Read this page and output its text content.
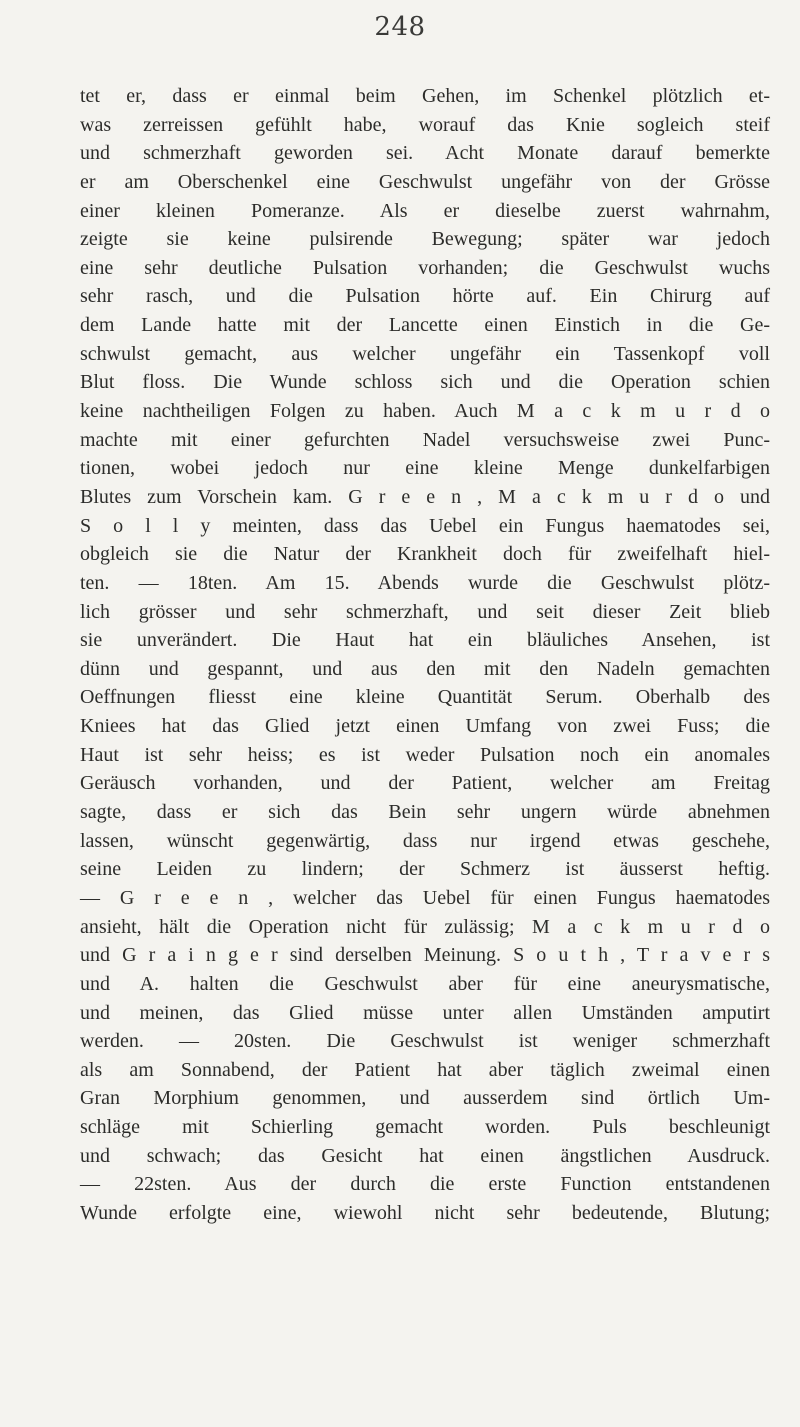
248
tet er, dass er einmal beim Gehen, im Schenkel plötzlich et-
was zerreissen gefühlt habe, worauf das Knie sogleich steif
und schmerzhaft geworden sei. Acht Monate darauf bemerkte
er am Oberschenkel eine Geschwulst ungefähr von der Grösse
einer kleinen Pomeranze. Als er dieselbe zuerst wahrnahm,
zeigte sie keine pulsirende Bewegung; später war jedoch
eine sehr deutliche Pulsation vorhanden; die Geschwulst wuchs
sehr rasch, und die Pulsation hörte auf. Ein Chirurg auf
dem Lande hatte mit der Lancette einen Einstich in die Ge-
schwulst gemacht, aus welcher ungefähr ein Tassenkopf voll
Blut floss. Die Wunde schloss sich und die Operation schien
keine nachtheiligen Folgen zu haben. Auch M a c k m u r d o
machte mit einer gefurchten Nadel versuchsweise zwei Punc-
tionen, wobei jedoch nur eine kleine Menge dunkelfarbigen
Blutes zum Vorschein kam. G r e e n , M a c k m u r d o und
S o l l y meinten, dass das Uebel ein Fungus haematodes sei,
obgleich sie die Natur der Krankheit doch für zweifelhaft hiel-
ten. — 18ten. Am 15. Abends wurde die Geschwulst plötz-
lich grösser und sehr schmerzhaft, und seit dieser Zeit blieb
sie unverändert. Die Haut hat ein bläuliches Ansehen, ist
dünn und gespannt, und aus den mit den Nadeln gemachten
Oeffnungen fliesst eine kleine Quantität Serum. Oberhalb des
Kniees hat das Glied jetzt einen Umfang von zwei Fuss; die
Haut ist sehr heiss; es ist weder Pulsation noch ein anomales
Geräusch vorhanden, und der Patient, welcher am Freitag
sagte, dass er sich das Bein sehr ungern würde abnehmen
lassen, wünscht gegenwärtig, dass nur irgend etwas geschehe,
seine Leiden zu lindern; der Schmerz ist äusserst heftig.
— G r e e n , welcher das Uebel für einen Fungus haematodes
ansieht, hält die Operation nicht für zulässig; M a c k m u r d o
und G r a i n g e r sind derselben Meinung. S o u t h , T r a v e r s
und A. halten die Geschwulst aber für eine aneurysmatische,
und meinen, das Glied müsse unter allen Umständen amputirt
werden. — 20sten. Die Geschwulst ist weniger schmerzhaft
als am Sonnabend, der Patient hat aber täglich zweimal einen
Gran Morphium genommen, und ausserdem sind örtlich Um-
schläge mit Schierling gemacht worden. Puls beschleunigt
und schwach; das Gesicht hat einen ängstlichen Ausdruck.
— 22sten. Aus der durch die erste Function entstandenen
Wunde erfolgte eine, wiewohl nicht sehr bedeutende, Blutung;
